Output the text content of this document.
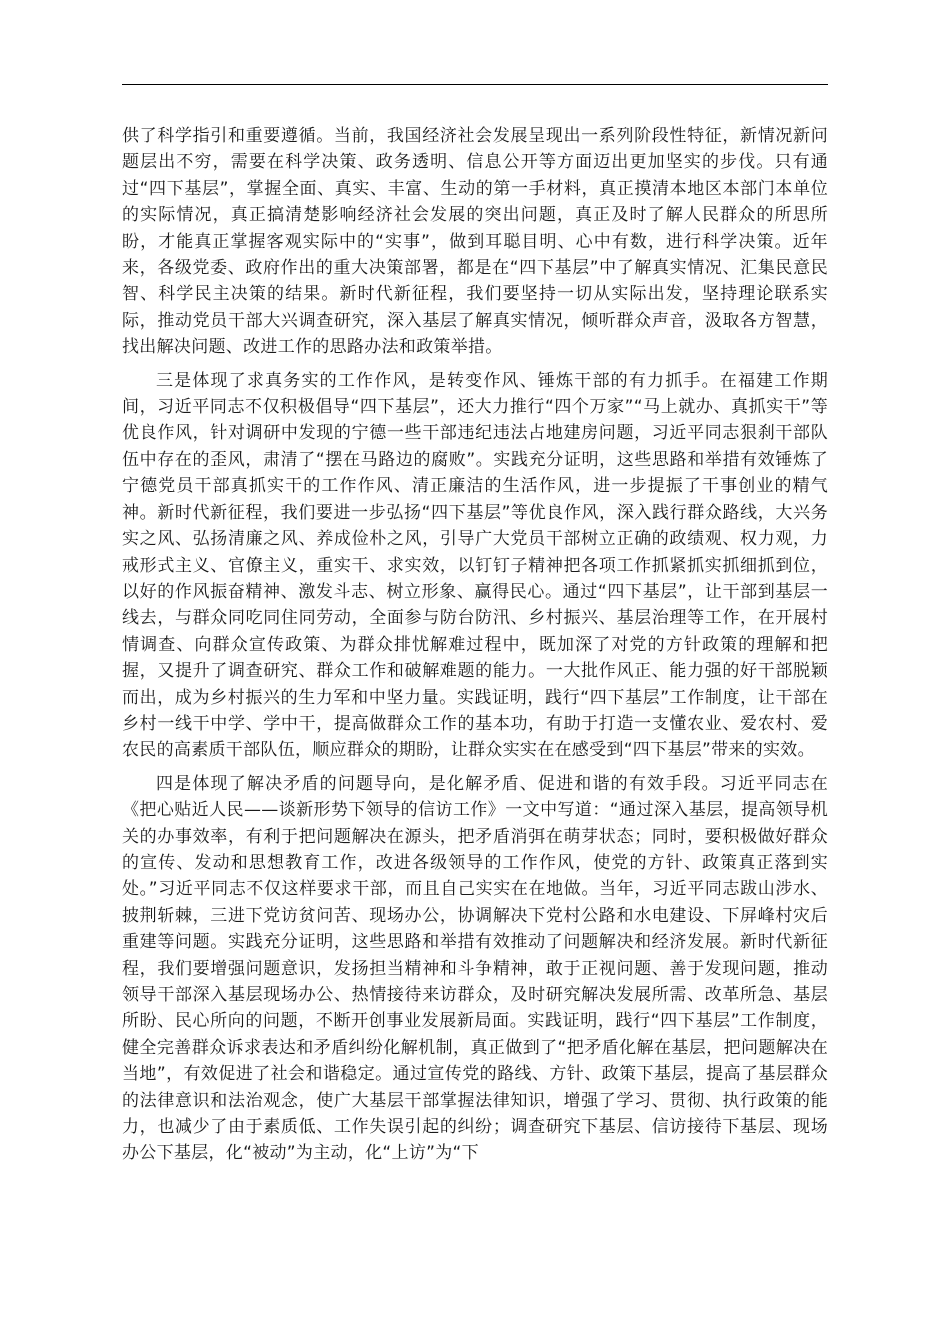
供了科学指引和重要遵循。当前，我国经济社会发展呈现出一系列阶段性特征，新情况新问题层出不穷，需要在科学决策、政务透明、信息公开等方面迈出更加坚实的步伐。只有通过“四下基层”，掌握全面、真实、丰富、生动的第一手材料，真正摸清本地区本部门本单位的实际情况，真正搞清楚影响经济社会发展的突出问题，真正及时了解人民群众的所思所盼，才能真正掌握客观实际中的“实事”，做到耳聪目明、心中有数，进行科学决策。近年来，各级党委、政府作出的重大决策部署，都是在“四下基层”中了解真实情况、汇集民意民智、科学民主决策的结果。新时代新征程，我们要坚持一切从实际出发，坚持理论联系实际，推动党员干部大兴调查研究，深入基层了解真实情况，倾听群众声音，汲取各方智慧，找出解决问题、改进工作的思路办法和政策举措。

三是体现了求真务实的工作作风，是转变作风、锤炼干部的有力抓手。在福建工作期间，习近平同志不仅积极倡导“四下基层”，还大力推行“四个万家”“马上就办、真抓实干”等优良作风，针对调研中发现的宁德一些干部违纪违法占地建房问题，习近平同志狠刹干部队伍中存在的歪风，肃清了“摆在马路边的腐败”。实践充分证明，这些思路和举措有效锤炼了宁德党员干部真抓实干的工作作风、清正廉洁的生活作风，进一步提振了干事创业的精气神。新时代新征程，我们要进一步弘扬“四下基层”等优良作风，深入践行群众路线，大兴务实之风、弘扬清廉之风、养成俭朴之风，引导广大党员干部树立正确的政绩观、权力观，力戒形式主义、官僚主义，重实干、求实效，以钉钉子精神把各项工作抓紧抓实抓细抓到位，以好的作风振奋精神、激发斗志、树立形象、赢得民心。通过“四下基层”，让干部到基层一线去，与群众同吃同住同劳动，全面参与防台防汛、乡村振兴、基层治理等工作，在开展村情调查、向群众宣传政策、为群众排忧解难过程中，既加深了对党的方针政策的理解和把握，又提升了调查研究、群众工作和破解难题的能力。一大批作风正、能力强的好干部脱颖而出，成为乡村振兴的生力军和中坚力量。实践证明，践行“四下基层”工作制度，让干部在乡村一线干中学、学中干，提高做群众工作的基本功，有助于打造一支懂农业、爱农村、爱农民的高素质干部队伍，顺应群众的期盼，让群众实实在在感受到“四下基层”带来的实效。

四是体现了解决矛盾的问题导向，是化解矛盾、促进和谐的有效手段。习近平同志在《把心贴近人民——谈新形势下领导的信访工作》一文中写道：“通过深入基层，提高领导机关的办事效率，有利于把问题解决在源头，把矛盾消弭在萌芽状态；同时，要积极做好群众的宣传、发动和思想教育工作，改进各级领导的工作作风，使党的方针、政策真正落到实处。”习近平同志不仅这样要求干部，而且自己实实在在地做。当年，习近平同志跋山涉水、披荆斩棘，三进下党访贫问苦、现场办公，协调解决下党村公路和水电建设、下屏峰村灾后重建等问题。实践充分证明，这些思路和举措有效推动了问题解决和经济发展。新时代新征程，我们要增强问题意识，发扬担当精神和斗争精神，敢于正视问题、善于发现问题，推动领导干部深入基层现场办公、热情接待来访群众，及时研究解决发展所需、改革所急、基层所盼、民心所向的问题，不断开创事业发展新局面。实践证明，践行“四下基层”工作制度，健全完善群众诉求表达和矛盾纠纷化解机制，真正做到了“把矛盾化解在基层，把问题解决在当地”，有效促进了社会和谐稳定。通过宣传党的路线、方针、政策下基层，提高了基层群众的法律意识和法治观念，使广大基层干部掌握法律知识，增强了学习、贯彻、执行政策的能力，也减少了由于素质低、工作失误引起的纠纷；调查研究下基层、信访接待下基层、现场办公下基层，化“被动”为主动，化“上访”为“下
